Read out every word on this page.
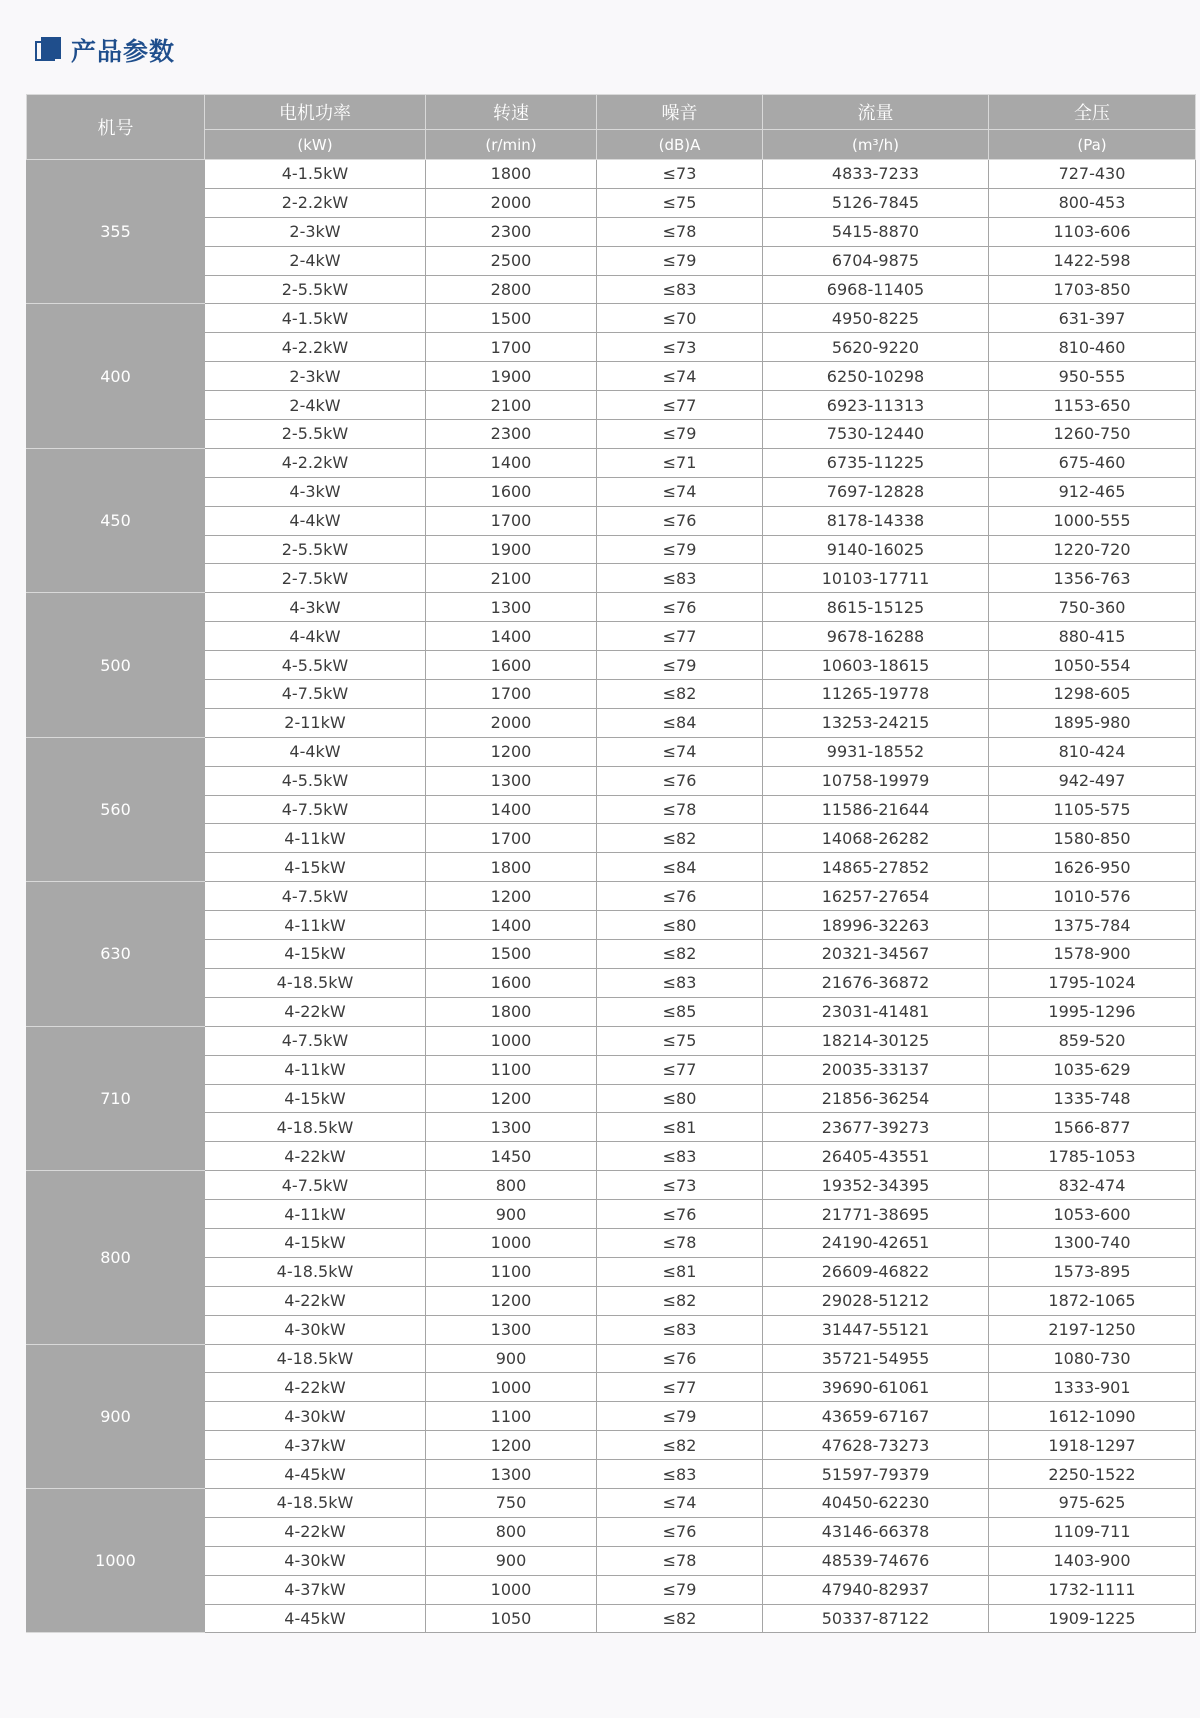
产品参数
机号	电机功率	转速	噪音	流量	全压
	(kW)	(r/min)	(dB)A	(m³/h)	(Pa)
355	4-1.5kW	1800	≤73	4833-7233	727-430
	2-2.2kW	2000	≤75	5126-7845	800-453
	2-3kW	2300	≤78	5415-8870	1103-606
	2-4kW	2500	≤79	6704-9875	1422-598
	2-5.5kW	2800	≤83	6968-11405	1703-850
400	4-1.5kW	1500	≤70	4950-8225	631-397
	4-2.2kW	1700	≤73	5620-9220	810-460
	2-3kW	1900	≤74	6250-10298	950-555
	2-4kW	2100	≤77	6923-11313	1153-650
	2-5.5kW	2300	≤79	7530-12440	1260-750
450	4-2.2kW	1400	≤71	6735-11225	675-460
	4-3kW	1600	≤74	7697-12828	912-465
	4-4kW	1700	≤76	8178-14338	1000-555
	2-5.5kW	1900	≤79	9140-16025	1220-720
	2-7.5kW	2100	≤83	10103-17711	1356-763
500	4-3kW	1300	≤76	8615-15125	750-360
	4-4kW	1400	≤77	9678-16288	880-415
	4-5.5kW	1600	≤79	10603-18615	1050-554
	4-7.5kW	1700	≤82	11265-19778	1298-605
	2-11kW	2000	≤84	13253-24215	1895-980
560	4-4kW	1200	≤74	9931-18552	810-424
	4-5.5kW	1300	≤76	10758-19979	942-497
	4-7.5kW	1400	≤78	11586-21644	1105-575
	4-11kW	1700	≤82	14068-26282	1580-850
	4-15kW	1800	≤84	14865-27852	1626-950
630	4-7.5kW	1200	≤76	16257-27654	1010-576
	4-11kW	1400	≤80	18996-32263	1375-784
	4-15kW	1500	≤82	20321-34567	1578-900
	4-18.5kW	1600	≤83	21676-36872	1795-1024
	4-22kW	1800	≤85	23031-41481	1995-1296
710	4-7.5kW	1000	≤75	18214-30125	859-520
	4-11kW	1100	≤77	20035-33137	1035-629
	4-15kW	1200	≤80	21856-36254	1335-748
	4-18.5kW	1300	≤81	23677-39273	1566-877
	4-22kW	1450	≤83	26405-43551	1785-1053
800	4-7.5kW	800	≤73	19352-34395	832-474
	4-11kW	900	≤76	21771-38695	1053-600
	4-15kW	1000	≤78	24190-42651	1300-740
	4-18.5kW	1100	≤81	26609-46822	1573-895
	4-22kW	1200	≤82	29028-51212	1872-1065
	4-30kW	1300	≤83	31447-55121	2197-1250
900	4-18.5kW	900	≤76	35721-54955	1080-730
	4-22kW	1000	≤77	39690-61061	1333-901
	4-30kW	1100	≤79	43659-67167	1612-1090
	4-37kW	1200	≤82	47628-73273	1918-1297
	4-45kW	1300	≤83	51597-79379	2250-1522
1000	4-18.5kW	750	≤74	40450-62230	975-625
	4-22kW	800	≤76	43146-66378	1109-711
	4-30kW	900	≤78	48539-74676	1403-900
	4-37kW	1000	≤79	47940-82937	1732-1111
	4-45kW	1050	≤82	50337-87122	1909-1225
